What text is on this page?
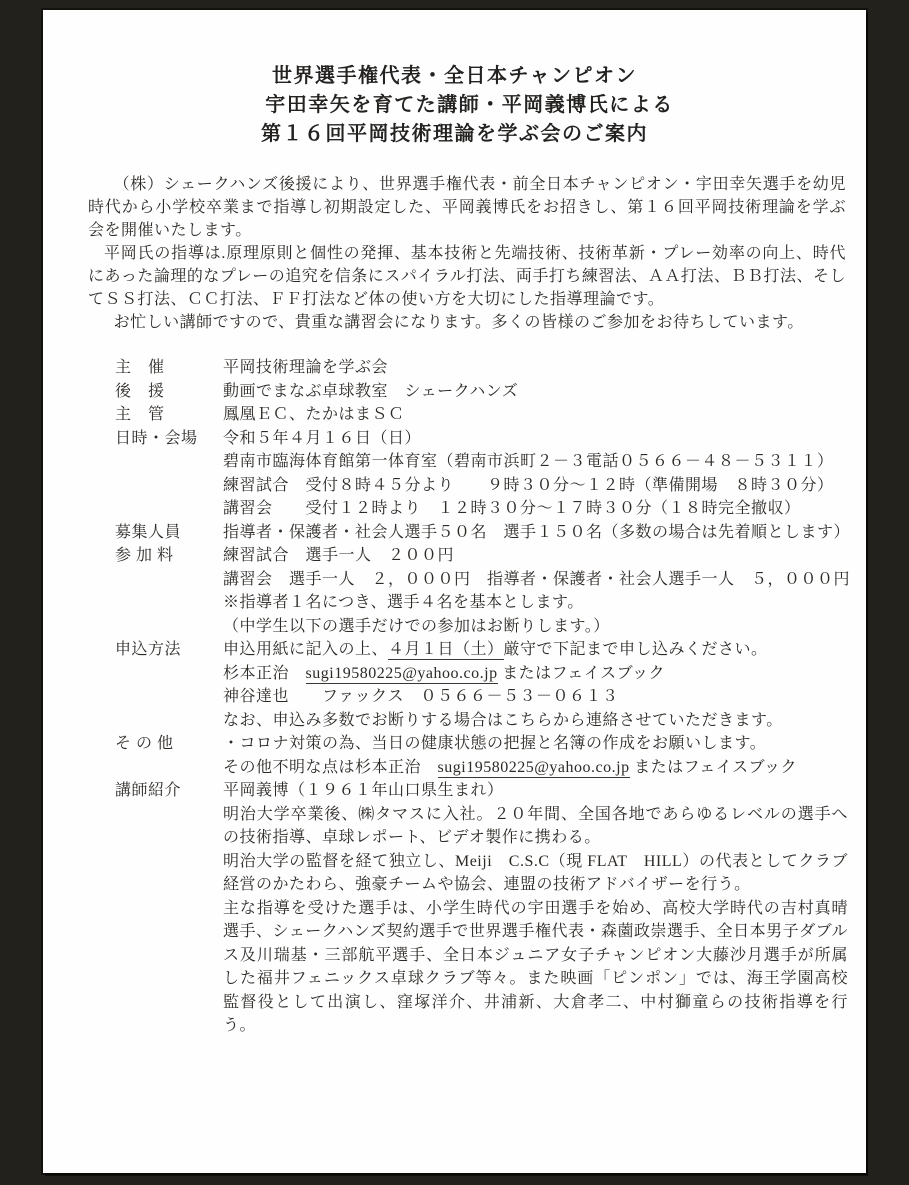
世界選手権代表・全日本チャンピオン
宇田幸矢を育てた講師・平岡義博氏による
第１６回平岡技術理論を学ぶ会のご案内

（株）シェークハンズ後援により、世界選手権代表・前全日本チャンピオン・宇田幸矢選手を幼児時代から小学校卒業まで指導し初期設定した、平岡義博氏をお招きし、第１６回平岡技術理論を学ぶ会を開催いたします。

平岡氏の指導は.原理原則と個性の発揮、基本技術と先端技術、技術革新・プレー効率の向上、時代にあった論理的なプレーの追究を信条にスパイラル打法、両手打ち練習法、ＡＡ打法、ＢＢ打法、そしてＳＳ打法、ＣＣ打法、ＦＦ打法など体の使い方を大切にした指導理論です。

お忙しい講師ですので、貴重な講習会になります。多くの皆様のご参加をお待ちしています。

主　催	平岡技術理論を学ぶ会
後　援	動画でまなぶ卓球教室　シェークハンズ
主　管	鳳凰ＥＣ、たかはまＳＣ
日時・会場	令和５年４月１６日（日）
碧南市臨海体育館第一体育室（碧南市浜町２－３電話０５６６－４８－５３１１）
練習試合　受付８時４５分より　　９時３０分～１２時（準備開場　８時３０分）
講習会　　受付１２時より　１２時３０分～１７時３０分（１８時完全撤収）
募集人員	指導者・保護者・社会人選手５０名　選手１５０名（多数の場合は先着順とします）
参 加 料	練習試合　選手一人　２００円
講習会　選手一人　２，０００円　指導者・保護者・社会人選手一人　５，０００円
※指導者１名につき、選手４名を基本とします。
（中学生以下の選手だけでの参加はお断りします。）
申込方法	申込用紙に記入の上、４月１日（土）厳守で下記まで申し込みください。
杉本正治　sugi19580225@yahoo.co.jp またはフェイスブック
神谷達也　　ファックス　０５６６－５３－０６１３
なお、申込み多数でお断りする場合はこちらから連絡させていただきます。
そ の 他	・コロナ対策の為、当日の健康状態の把握と名簿の作成をお願いします。
その他不明な点は杉本正治　sugi19580225@yahoo.co.jp またはフェイスブック
講師紹介	平岡義博（１９６１年山口県生まれ）
明治大学卒業後、㈱タマスに入社。２０年間、全国各地であらゆるレベルの選手への技術指導、卓球レポート、ビデオ製作に携わる。
明治大学の監督を経て独立し、Meiji　C.S.C（現 FLAT　HILL）の代表としてクラブ経営のかたわら、強豪チームや協会、連盟の技術アドバイザーを行う。
主な指導を受けた選手は、小学生時代の宇田選手を始め、高校大学時代の吉村真晴選手、シェークハンズ契約選手で世界選手権代表・森薗政崇選手、全日本男子ダブルス及川瑞基・三部航平選手、全日本ジュニア女子チャンピオン大藤沙月選手が所属した福井フェニックス卓球クラブ等々。また映画「ピンポン」では、海王学園高校監督役として出演し、窪塚洋介、井浦新、大倉孝二、中村獅童らの技術指導を行う。
